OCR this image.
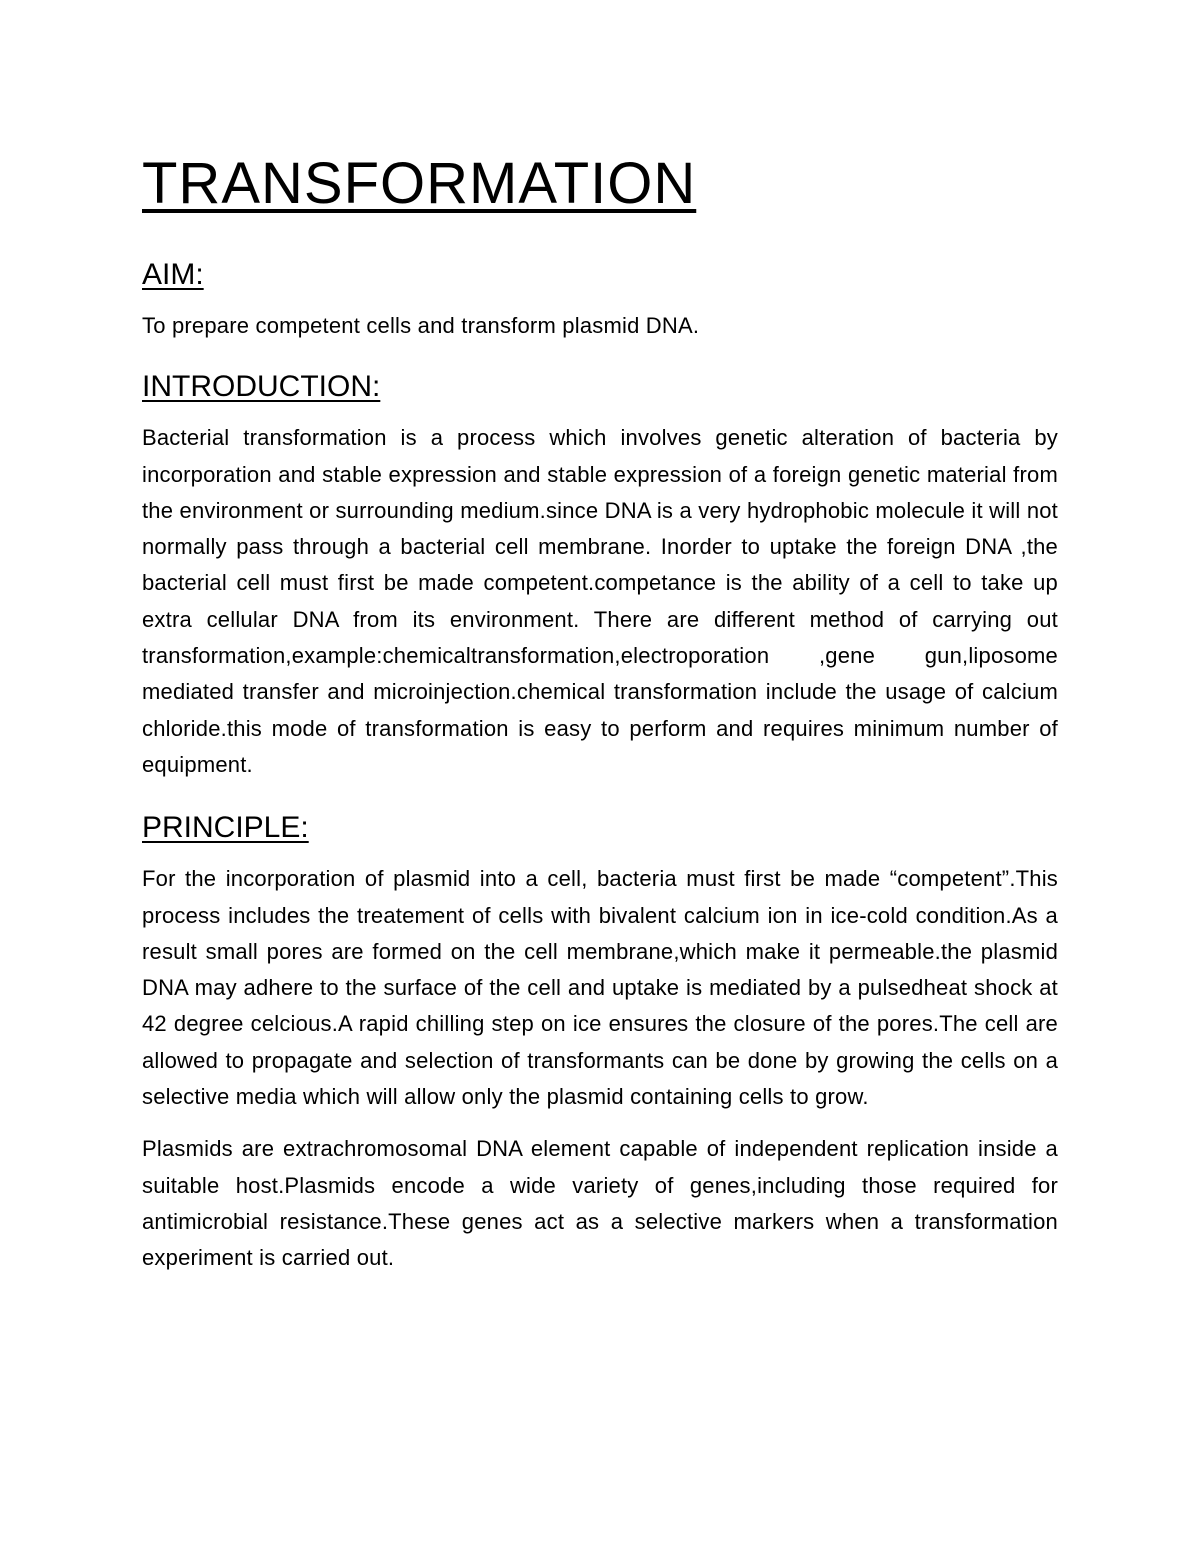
TRANSFORMATION
AIM:

To prepare competent cells and transform plasmid DNA.

INTRODUCTION:

Bacterial transformation is a process which involves genetic alteration of bacteria by incorporation and stable expression and stable expression of a foreign genetic material from the environment or surrounding medium.since DNA is a very hydrophobic molecule it will not normally pass through a bacterial cell membrane. Inorder to uptake the foreign DNA ,the bacterial cell must first be made competent.competance is the ability of a cell to take up extra cellular DNA from its environment. There are different method of carrying out transformation,example:chemicaltransformation,electroporation ,gene gun,liposome mediated transfer and microinjection.chemical transformation include the usage of calcium chloride.this mode of transformation is easy to perform and requires minimum number of equipment.

PRINCIPLE:

For the incorporation of plasmid into a cell, bacteria must first be made “competent”.This process includes the treatement of cells with bivalent calcium ion in ice-cold condition.As a result small pores are formed on the cell membrane,which make it permeable.the plasmid DNA may adhere to the surface of the cell and uptake is mediated by a pulsedheat shock at 42 degree celcious.A rapid chilling step on ice ensures the closure of the pores.The cell are allowed to propagate and selection of transformants can be done by growing the cells on a selective media which will allow only the plasmid containing cells to grow.

Plasmids are extrachromosomal DNA element capable of independent replication inside a suitable host.Plasmids encode a wide variety of genes,including those required for antimicrobial resistance.These genes act as a selective markers when a transformation experiment is carried out.
